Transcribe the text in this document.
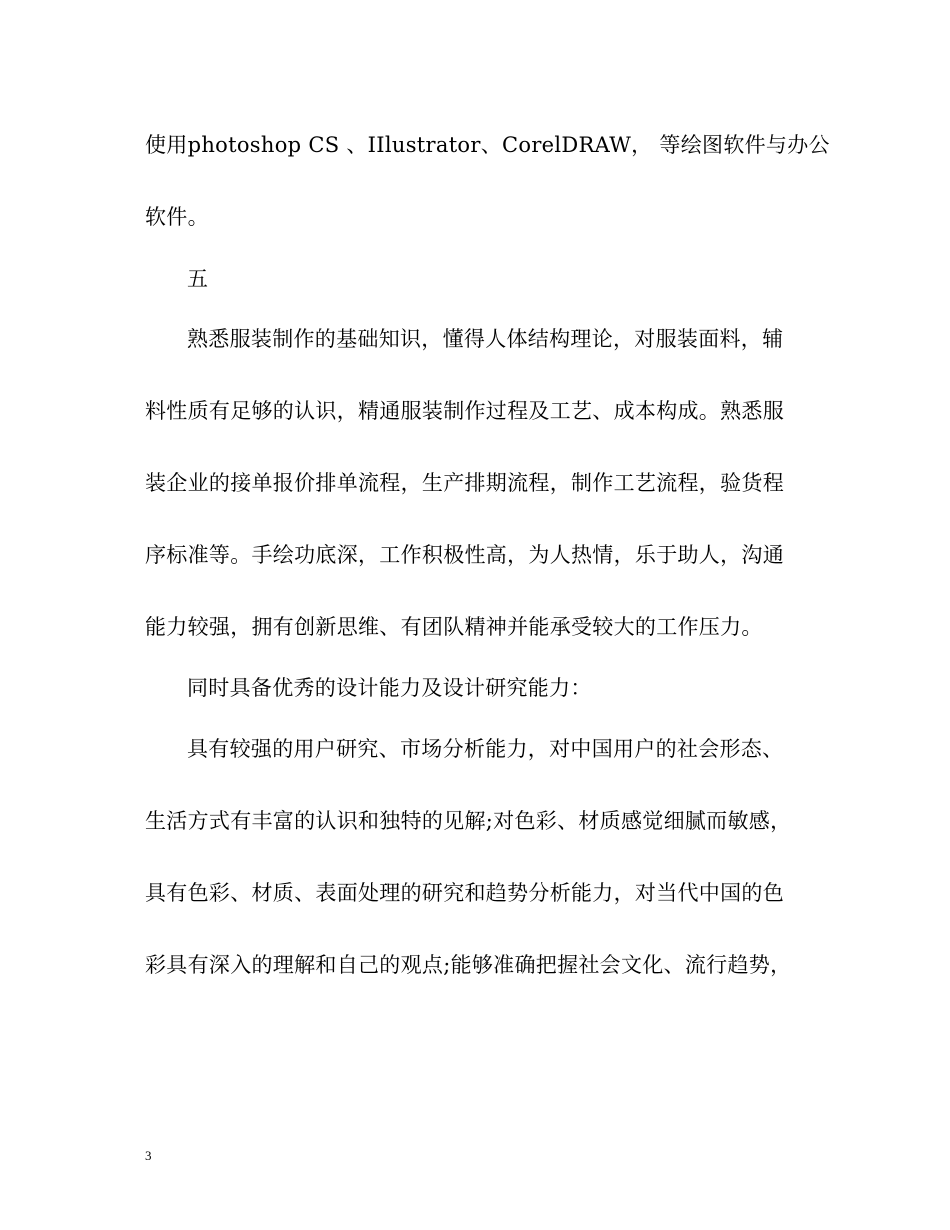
使用photoshop CS 、IIlustrator、CorelDRAW， 等绘图软件与办公
软件。
五
熟悉服装制作的基础知识，懂得人体结构理论，对服装面料，辅
料性质有足够的认识，精通服装制作过程及工艺、成本构成。熟悉服
装企业的接单报价排单流程，生产排期流程，制作工艺流程，验货程
序标准等。手绘功底深，工作积极性高，为人热情，乐于助人，沟通
能力较强，拥有创新思维、有团队精神并能承受较大的工作压力。
同时具备优秀的设计能力及设计研究能力：
具有较强的用户研究、市场分析能力，对中国用户的社会形态、
生活方式有丰富的认识和独特的见解;对色彩、材质感觉细腻而敏感，
具有色彩、材质、表面处理的研究和趋势分析能力，对当代中国的色
彩具有深入的理解和自己的观点;能够准确把握社会文化、流行趋势，
3
